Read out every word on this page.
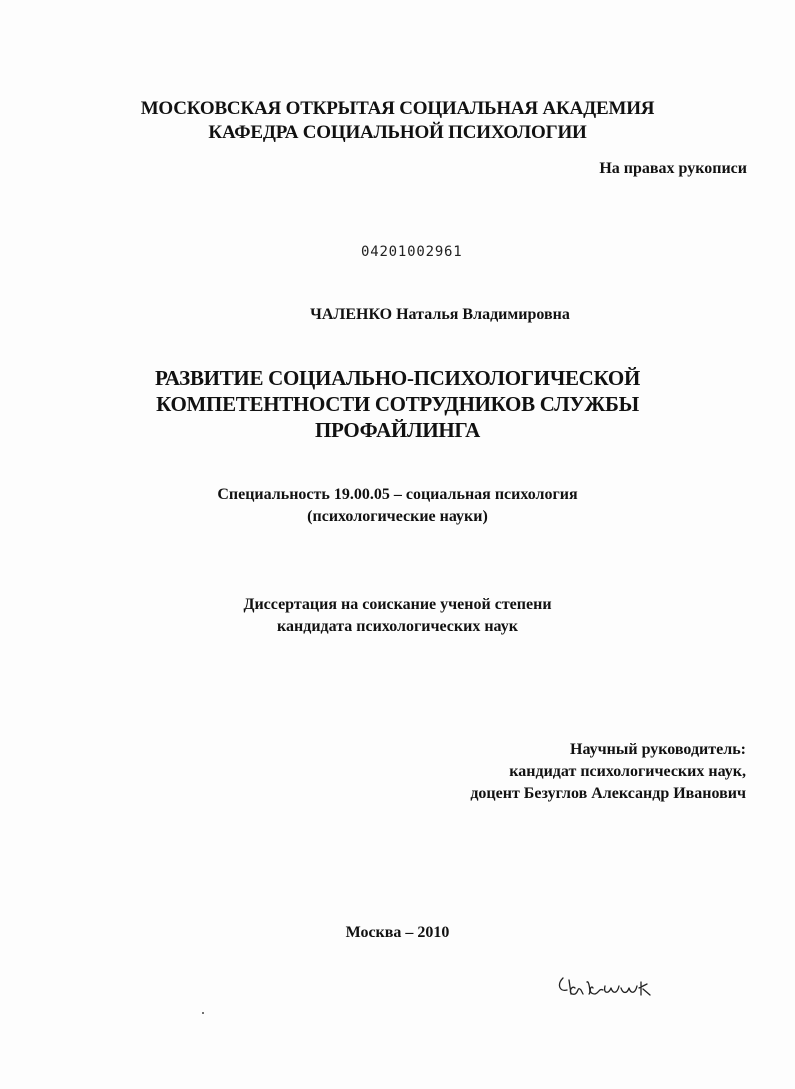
МОСКОВСКАЯ ОТКРЫТАЯ СОЦИАЛЬНАЯ АКАДЕМИЯ
КАФЕДРА СОЦИАЛЬНОЙ ПСИХОЛОГИИ
На правах рукописи
04201002961
ЧАЛЕНКО Наталья Владимировна
РАЗВИТИЕ СОЦИАЛЬНО-ПСИХОЛОГИЧЕСКОЙ
КОМПЕТЕНТНОСТИ СОТРУДНИКОВ СЛУЖБЫ
ПРОФАЙЛИНГА
Специальность 19.00.05 – социальная психология
(психологические науки)
Диссертация на соискание ученой степени
кандидата психологических наук
Научный руководитель:
кандидат психологических наук,
доцент Безуглов Александр Иванович
Москва – 2010
